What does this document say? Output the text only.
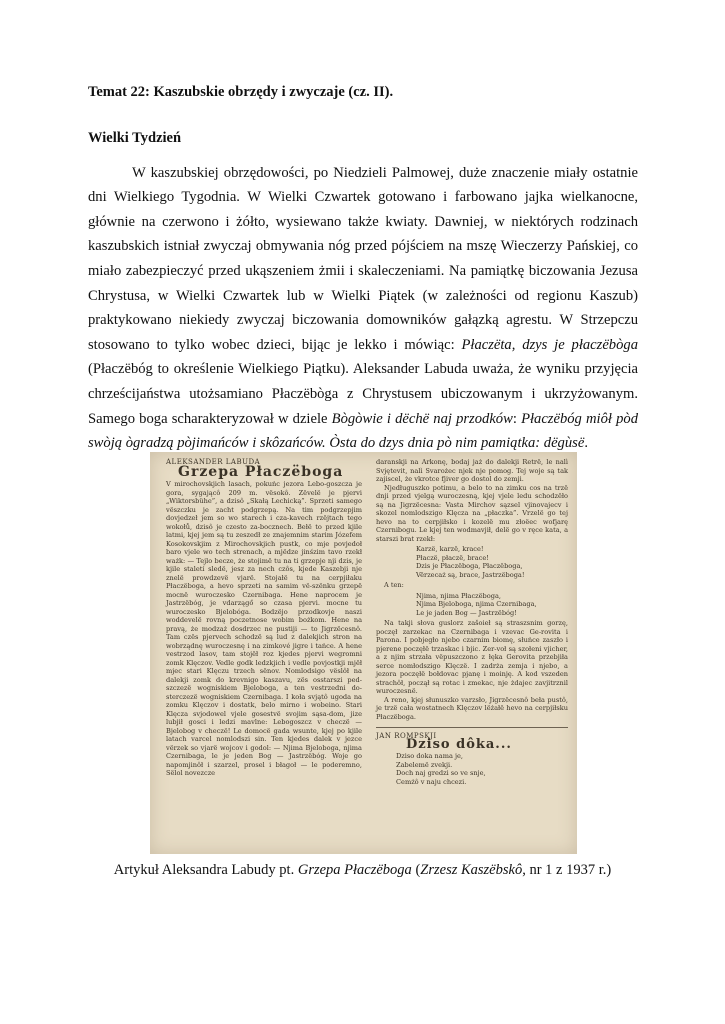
Temat 22: Kaszubskie obrzędy i zwyczaje (cz. II).
Wielki Tydzień

W kaszubskiej obrzędowości, po Niedzieli Palmowej, duże znaczenie miały ostatnie dni Wielkiego Tygodnia. W Wielki Czwartek gotowano i farbowano jajka wielkanocne, głównie na czerwono i żółto, wysiewano także kwiaty. Dawniej, w niektórych rodzinach kaszubskich istniał zwyczaj obmywania nóg przed pójściem na mszę Wieczerzy Pańskiej, co miało zabezpieczyć przed ukąszeniem żmii i skaleczeniami. Na pamiątkę biczowania Jezusa Chrystusa, w Wielki Czwartek lub w Wielki Piątek (w zależności od regionu Kaszub) praktykowano niekiedy zwyczaj biczowania domowników gałązką agrestu. W Strzepczu stosowano to tylko wobec dzieci, bijąc je lekko i mówiąc: Płaczëta, dzys je płaczëbòga (Płaczëbóg to określenie Wielkiego Piątku). Aleksander Labuda uważa, że wyniku przyjęcia chrześcijaństwa utożsamiano Płaczëbòga z Chrystusem ubiczowanym i ukrzyżowanym. Samego boga scharakteryzował w dziele Bògòwie i dëchë naj przodków: Płaczëbóg miôł pòd swòją ògradzą pòjimańców i skôzańców. Òsta do dzys dnia pò nim pamiątka: dëgùsë.

ALEKSANDER LABUDA
Grzepa Płaczëboga

V mirochovskjich lasach, pokuńc jezora Lebo-goszcza je gora, sygającô 209 m. vësokô. Zëvelë je pjervi „Wiktorsbühe”, a dzisô „Skałą Lechicką”. Sprzeti samego vëszczku je zacht podgrzepą. Na tim podgrzepjim dovjedzeł jem so wo starech i cza-kavech rzëjtach tego wokołů, dzisô je czesto za-bocznech. Bełë to przed kjile latmi, kjej jem są tu zeszedł ze znajemnim starim Józefem Kosokovskjim z Mirochovskjich pustk, co mje povjedoł baro vjele wo tech strenach, a mjëdze jinśzim tavo rzekł ważk: — Tejlo becze, że stojimë tu na ti grzepje nji dzis, je kjile staletí sledë, jesz za nech czôs, kjede Kaszebji nje znelë prowdzevë vjarë. Stojałë tu na cerpjiłaku Płaczëboga, a hevo sprzeti na samim vë-szënku grzepë mocnë wuroczesko Czernibaga. Hene naprocem je Jastrzëbóg, je vdarzągő so czasa pjervi. mocne tu wuroczesko Bjelobóga. Bodzëjo przodkovje naszi woddevelë rovną poczetnose wobim bożkom. Hene na pravą, że modzaż dosdrzec ne pustiji — to Jigrzëcesnô. Tam czës pjervech schodzë są lud z dalekjich stron na wobrządnę wuroczesnę i na zimkové jigre i tańce. A hene vestrzod lasov, tam stojëł roz kjedes pjervi wegromni zomk Klęczov. Vedle godk ledzkjich i vedle povjostkji mjëł mjec stari Klęczu trzech sënov. Nomlodsigo vëslôł na dalekji zomk do krevnigo kaszavu, zës osstarszi ped-szczezë wogniskiem Bjeloboga, a ten vestrzedni do-sterczezë wogniskiem Czernibaga. I koła svjątô ugoda na zomku Klęczov i dostatk, belo mirno i wobeino. Stari Klęcza svjodowel vjele gosestvë svojim sąsa-dom, jize lubjił gosci i ledzi mavlne: Lebogoszcz v checzë — Bjelobog v checzë! Le domocë gada wsunte, kjej po kjile latach varcel nomlodszi sin. Ten kjedes dalek v jezce vërzek so vjarë wojcov i godol: — Njima Bjeloboga, njima Czernibaga, le je jeden Bog — Jastrzëbóg. Woje go napomjinôł i szarzel, prosel i błagoł — le poderemno, Sëlol novezcze

daranskji na Arkonę, bodaj jaż do dalekji Retrë, le nalì Svjętevit, nalì Svarożec njek nje pomog. Tej woje są tak zajiscel, że vkrotce fjiver go dostol do zemji.

Njedługuszko potimu, a belo to na zimku cos na trzë dnji przed vjelgą wuroczesną, kjej vjele ledu schodzëło są na Jigrzëcesna: Vasta Mirchov sązsel vjinovajecv i skozel nomlodszigo Klęcza na „płaczka”. Vrzelë go tej hevo na to cerpjiłsko i kozelë mu złoëec wofjarę Czernibogu. Le kjej ten wodmavjił, delë go v ręce kata, a starszi brat rzekł:

Karzë, karzë, krace!
Płaczë, płaczë, brace!
Dzis je Płaczëboga, Płaczëboga,
Vërzecaż są, brace, Jastrzëboga!

A ten:

Njima, njima Płaczëboga,
Njima Bjeloboga, njima Czernibaga,
Le je jaden Bog — Jastrzëbóg!

Na takji słova guslorz zašoieł są straszsnim gorzę, poczęł zarzekac na Czernibaga i vzevac Ge-rovita i Parona. I pobjegło njebo czarnim biomę, słuńce zaszło i pjerene poczęłë trzaskac i bjic. Zer-voł są szołeni vjicher, a z njim strzała vëpuszczono z łęka Gerovita przebjiła serce nomłodszigo Klęczë. I zadrża zemja i njebo, a jezora poczęłë bołdovac pjanę i moinję. A kod vszeden strachôł, począł są rotac i zmekac, nje żdajec zavjitrznil wuroczesnë.

A reno, kjej słunuszko varzsło, Jigrzëcesnô beła pustô, je trzë cała wostatnech Klęczov lëżałë hevo na cerpjiłsku Płaczëboga.

JAN ROMPSKJI
Dziso dôka...
Dziso doka nama je,
Zabelemë zvekji.
Doch naj gredzi so ve snje,
Cemżô v naju chcezi.
Artykuł Aleksandra Labudy pt. Grzepa Płaczëboga (Zrzesz Kaszëbskô, nr 1 z 1937 r.)
